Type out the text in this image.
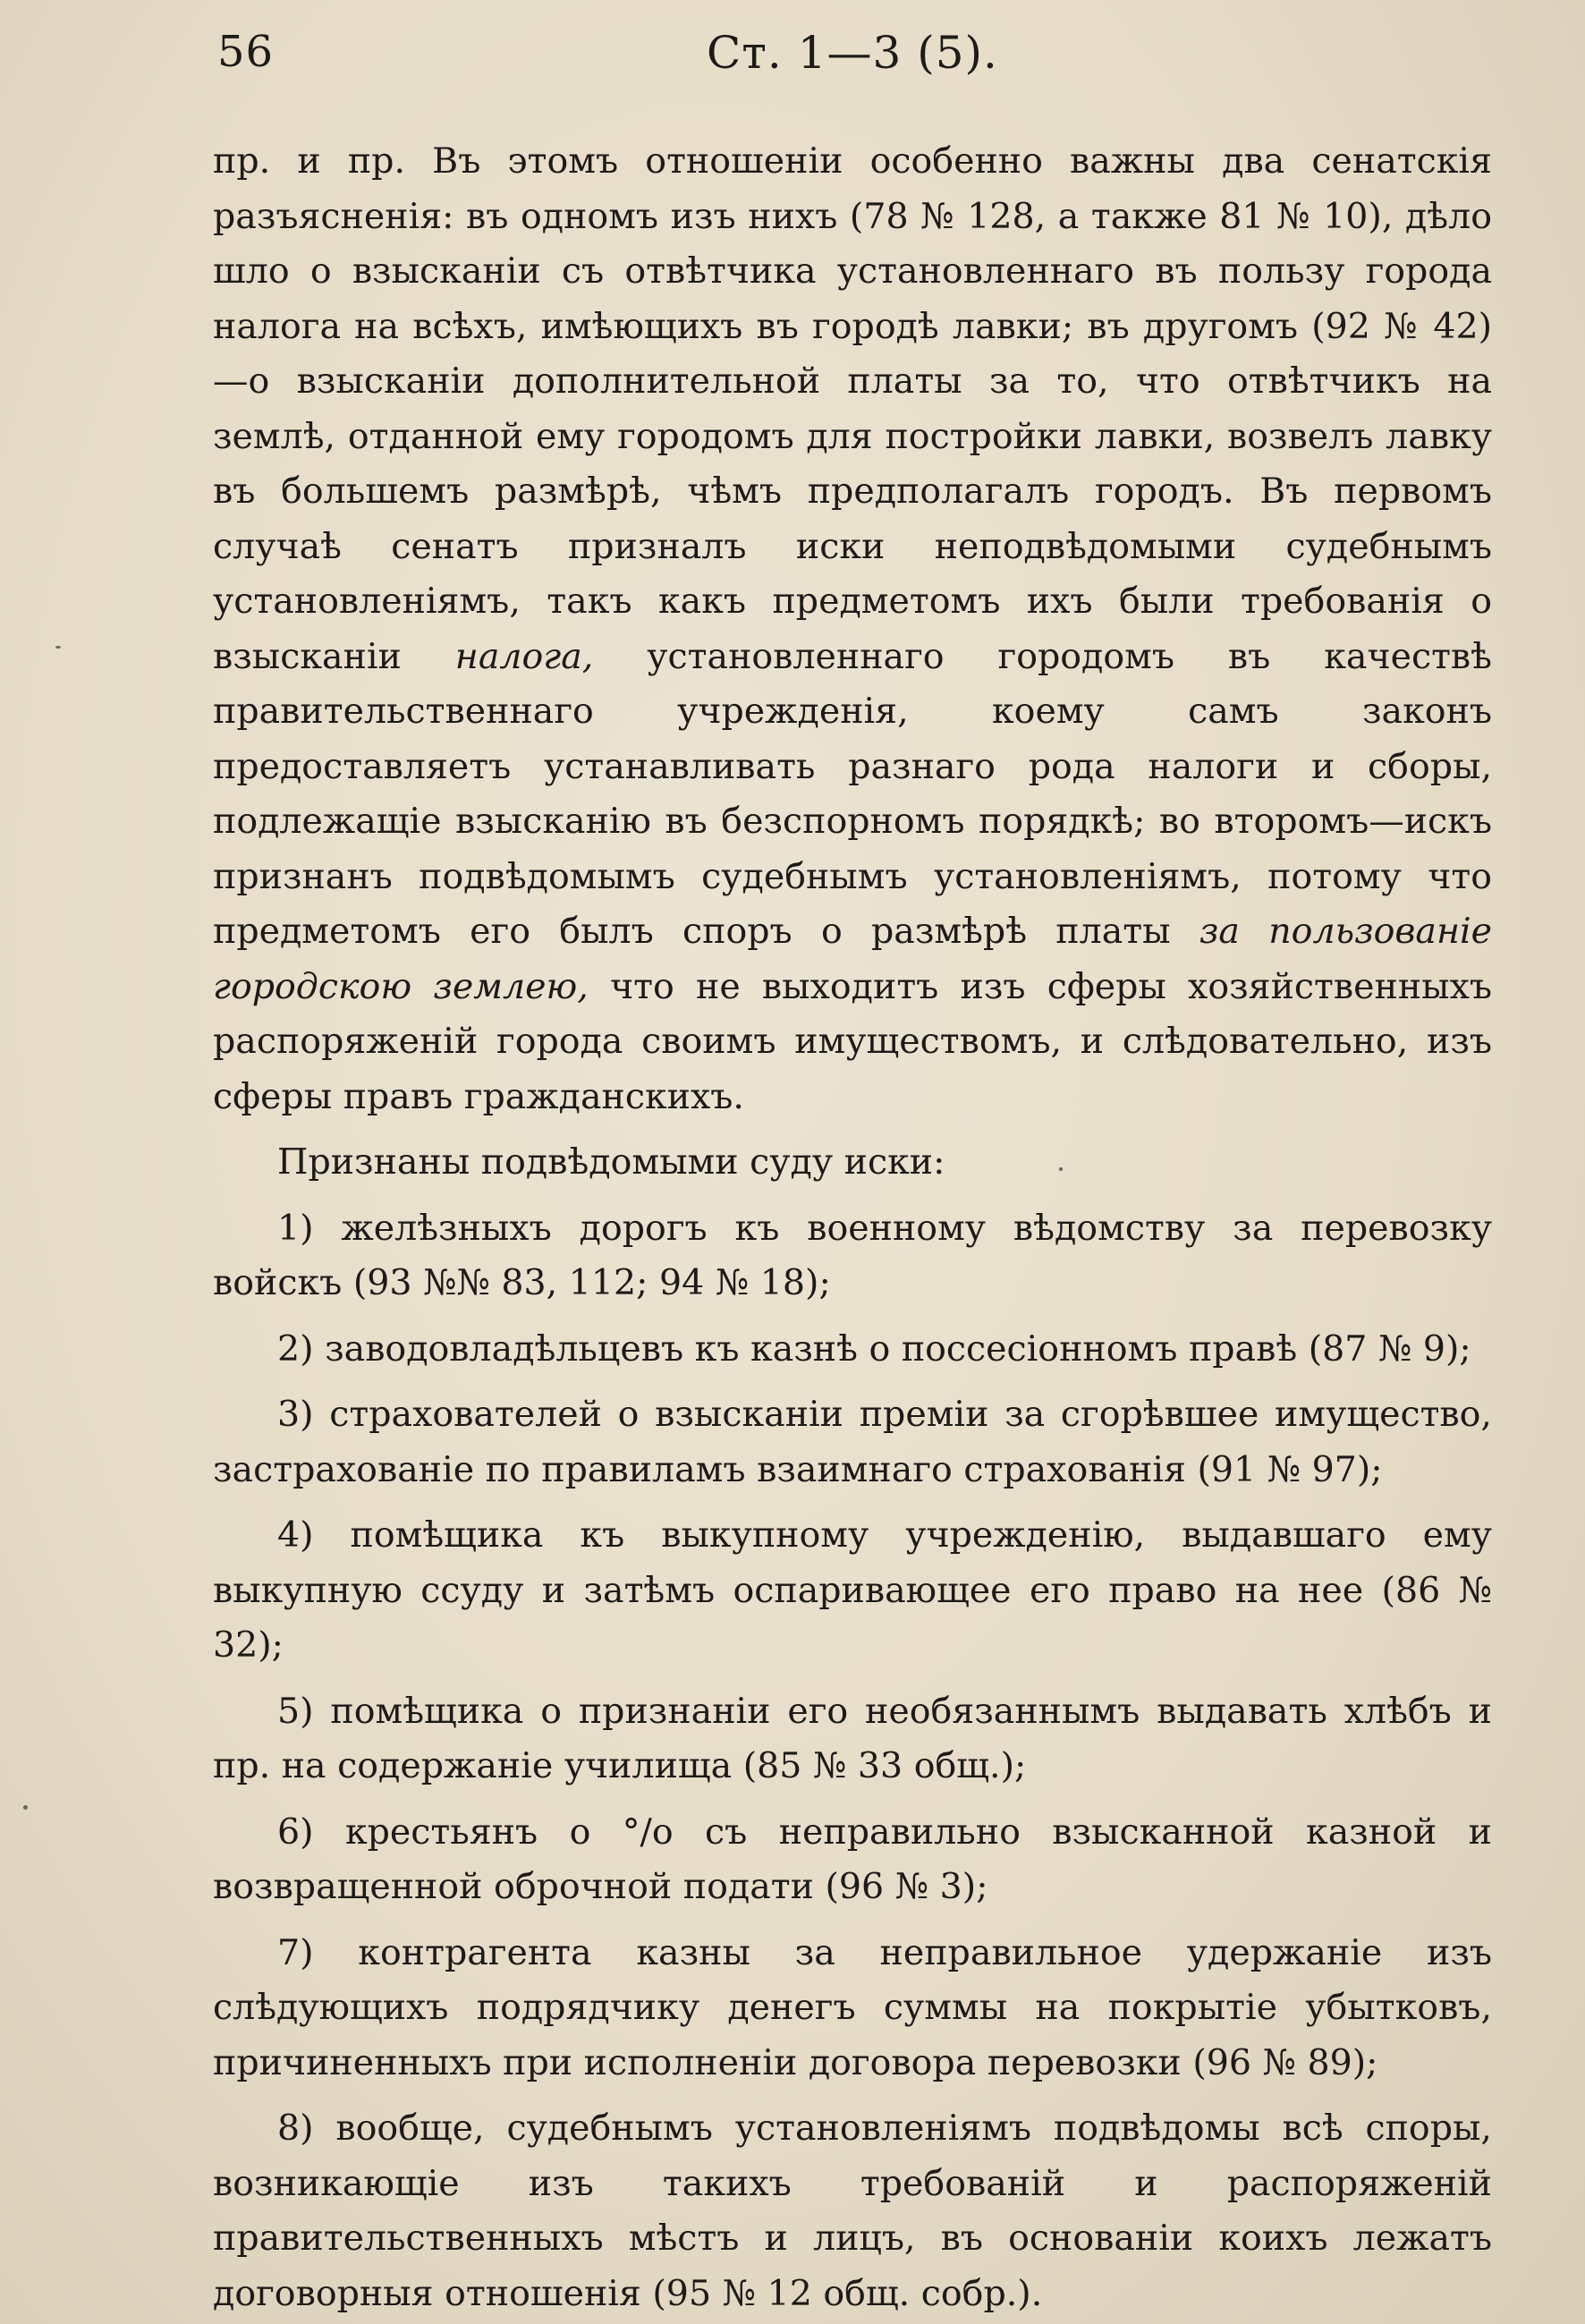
56	Ст. 1—3 (5).

пр. и пр. Въ этомъ отношеніи особенно важны два сенатскія разъясненія: въ одномъ изъ нихъ (78 № 128, а также 81 № 10), дѣло шло о взысканіи съ отвѣтчика установленнаго въ пользу города налога на всѣхъ, имѣющихъ въ городѣ лавки; въ другомъ (92 № 42)—о взысканіи дополнительной платы за то, что отвѣтчикъ на землѣ, отданной ему городомъ для постройки лавки, возвелъ лавку въ большемъ размѣрѣ, чѣмъ предполагалъ городъ. Въ первомъ случаѣ сенатъ призналъ иски неподвѣдомыми судебнымъ установленіямъ, такъ какъ предметомъ ихъ были требованія о взысканіи налога, установленнаго городомъ въ качествѣ правительственнаго учрежденія, коему самъ законъ предоставляетъ устанавливать разнаго рода налоги и сборы, подлежащіе взысканію въ безспорномъ порядкѣ; во второмъ—искъ признанъ подвѣдомымъ судебнымъ установленіямъ, потому что предметомъ его былъ споръ о размѣрѣ платы за пользованіе городскою землею, что не выходитъ изъ сферы хозяйственныхъ распоряженій города своимъ имуществомъ, и слѣдовательно, изъ сферы правъ гражданскихъ.

Признаны подвѣдомыми суду иски:

1) желѣзныхъ дорогъ къ военному вѣдомству за перевозку войскъ (93 №№ 83, 112; 94 № 18);

2) заводовладѣльцевъ къ казнѣ о поссесіонномъ правѣ (87 № 9);

3) страхователей о взысканіи преміи за сгорѣвшее имущество, застрахованіе по правиламъ взаимнаго страхованія (91 № 97);

4) помѣщика къ выкупному учрежденію, выдавшаго ему выкупную ссуду и затѣмъ оспаривающее его право на нее (86 № 32);

5) помѣщика о признаніи его необязаннымъ выдавать хлѣбъ и пр. на содержаніе училища (85 № 33 общ.);

6) крестьянъ о °/о съ неправильно взысканной казной и возвращенной оброчной подати (96 № 3);

7) контрагента казны за неправильное удержаніе изъ слѣдующихъ подрядчику денегъ суммы на покрытіе убытковъ, причиненныхъ при исполненіи договора перевозки (96 № 89);

8) вообще, судебнымъ установленіямъ подвѣдомы всѣ споры, возникающіе изъ такихъ требованій и распоряженій правительственныхъ мѣстъ и лицъ, въ основаніи коихъ лежатъ договорныя отношенія (95 № 12 общ. собр.).
